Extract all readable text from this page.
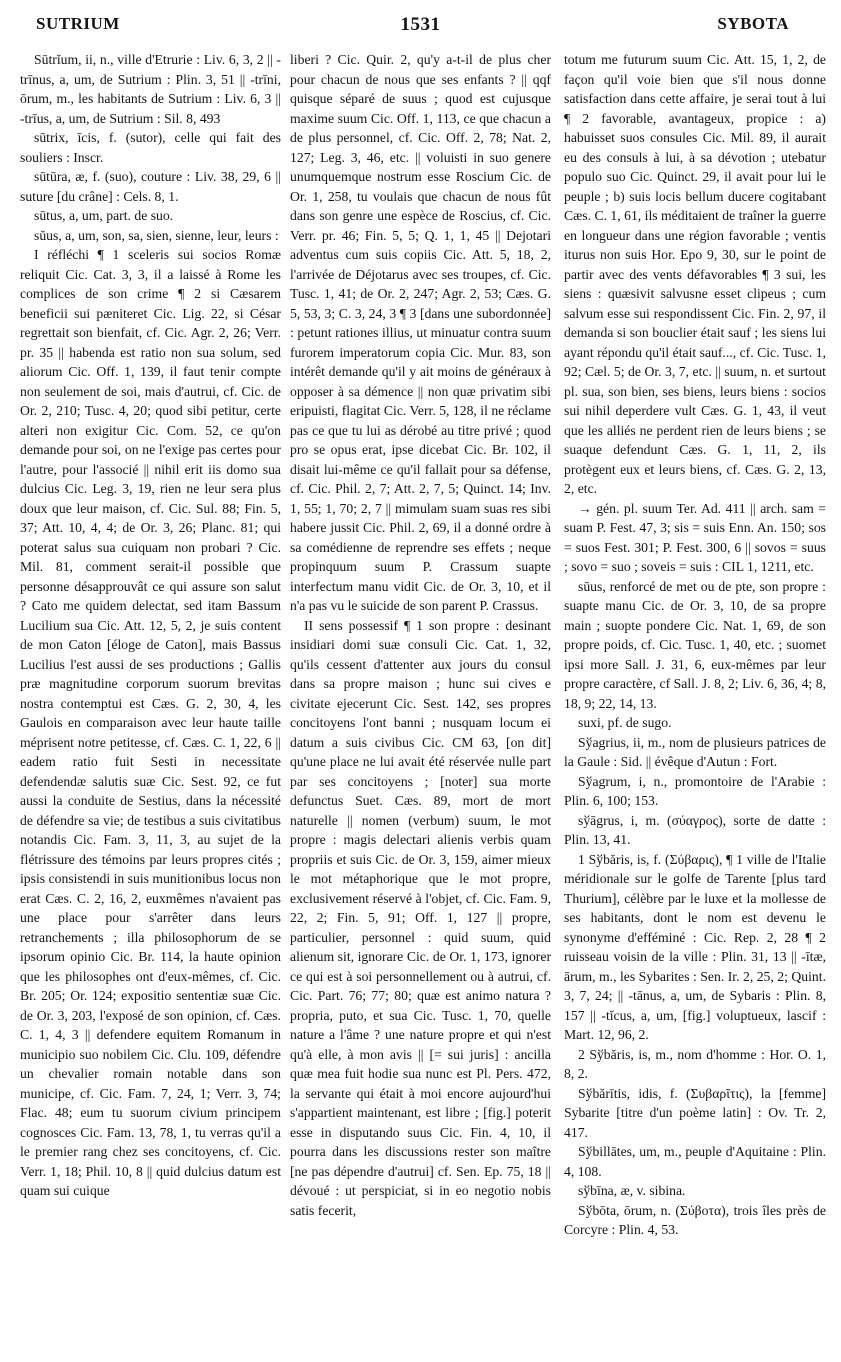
SUTRIUM	1531	SYBOTA

Sūtrĭum, ii, n., ville d'Etrurie : Liv. 6, 3, 2 || -trīnus, a, um, de Sutrium : Plin. 3, 51 || -trīni, ōrum, m., les habitants de Sutrium : Liv. 6, 3 || -trīus, a, um, de Sutrium : Sil. 8, 493

sūtrix, īcis, f. (sutor), celle qui fait des souliers : Inscr.

sūtūra, æ, f. (suo), couture : Liv. 38, 29, 6 || suture [du crâne] : Cels. 8, 1.

sūtus, a, um, part. de suo.

sŭus, a, um, son, sa, sien, sienne, leur, leurs :

I réfléchi ¶ 1 sceleris sui socios Romæ reliquit Cic. Cat. 3, 3, il a laissé à Rome les complices de son crime ¶ 2 si Cæsarem beneficii sui pæniteret Cic. Lig. 22, si César regrettait son bienfait, cf. Cic. Agr. 2, 26; Verr. pr. 35 || habenda est ratio non sua solum, sed aliorum Cic. Off. 1, 139, il faut tenir compte non seulement de soi, mais d'autrui, cf. Cic. de Or. 2, 210; Tusc. 4, 20; quod sibi petitur, certe alteri non exigitur Cic. Com. 52, ce qu'on demande pour soi, on ne l'exige pas certes pour l'autre, pour l'associé || nihil erit iis domo sua dulcius Cic. Leg. 3, 19, rien ne leur sera plus doux que leur maison, cf. Cic. Sul. 88; Fin. 5, 37; Att. 10, 4, 4; de Or. 3, 26; Planc. 81; qui poterat salus sua cuiquam non probari ? Cic. Mil. 81, comment serait-il possible que personne désapprouvât ce qui assure son salut ? Cato me quidem delectat, sed itam Bassum Lucilium sua Cic. Att. 12, 5, 2, je suis content de mon Caton [éloge de Caton], mais Bassus Lucilius l'est aussi de ses productions ; Gallis præ magnitudine corporum suorum brevitas nostra contemptui est Cæs. G. 2, 30, 4, les Gaulois en comparaison avec leur haute taille méprisent notre petitesse, cf. Cæs. C. 1, 22, 6 || eadem ratio fuit Sesti in necessitate defendendæ salutis suæ Cic. Sest. 92, ce fut aussi la conduite de Sestius, dans la nécessité de défendre sa vie; de testibus a suis civitatibus notandis Cic. Fam. 3, 11, 3, au sujet de la flétrissure des témoins par leurs propres cités ; ipsis consistendi in suis munitionibus locus non erat Cæs. C. 2, 16, 2, euxmêmes n'avaient pas une place pour s'arrêter dans leurs retranchements ; illa philosophorum de se ipsorum opinio Cic. Br. 114, la haute opinion que les philosophes ont d'eux-mêmes, cf. Cic. Br. 205; Or. 124; expositio sententiæ suæ Cic. de Or. 3, 203, l'exposé de son opinion, cf. Cæs. C. 1, 4, 3 || defendere equitem Romanum in municipio suo nobilem Cic. Clu. 109, défendre un chevalier romain notable dans son municipe, cf. Cic. Fam. 7, 24, 1; Verr. 3, 74; Flac. 48; eum tu suorum civium principem cognosces Cic. Fam. 13, 78, 1, tu verras qu'il a le premier rang chez ses concitoyens, cf. Cic. Verr. 1, 18; Phil. 10, 8 || quid dulcius datum est quam sui cuique

liberi ? Cic. Quir. 2, qu'y a-t-il de plus cher pour chacun de nous que ses enfants ? || qqf quisque séparé de suus ; quod est cujusque maxime suum Cic. Off. 1, 113, ce que chacun a de plus personnel, cf. Cic. Off. 2, 78; Nat. 2, 127; Leg. 3, 46, etc. || voluisti in suo genere unumquemque nostrum esse Roscium Cic. de Or. 1, 258, tu voulais que chacun de nous fût dans son genre une espèce de Roscius, cf. Cic. Verr. pr. 46; Fin. 5, 5; Q. 1, 1, 45 || Dejotari adventus cum suis copiis Cic. Att. 5, 18, 2, l'arrivée de Déjotarus avec ses troupes, cf. Cic. Tusc. 1, 41; de Or. 2, 247; Agr. 2, 53; Cæs. G. 5, 53, 3; C. 3, 24, 3 ¶ 3 [dans une subordonnée] : petunt rationes illius, ut minuatur contra suum furorem imperatorum copia Cic. Mur. 83, son intérêt demande qu'il y ait moins de généraux à opposer à sa démence || non quæ privatim sibi eripuisti, flagitat Cic. Verr. 5, 128, il ne réclame pas ce que tu lui as dérobé au titre privé ; quod pro se opus erat, ipse dicebat Cic. Br. 102, il disait lui-même ce qu'il fallait pour sa défense, cf. Cic. Phil. 2, 7; Att. 2, 7, 5; Quinct. 14; Inv. 1, 55; 1, 70; 2, 7 || mimulam suam suas res sibi habere jussit Cic. Phil. 2, 69, il a donné ordre à sa comédienne de reprendre ses effets ; neque propinquum suum P. Crassum suapte interfectum manu vidit Cic. de Or. 3, 10, et il n'a pas vu le suicide de son parent P. Crassus.

II sens possessif ¶ 1 son propre : desinant insidiari domi suæ consuli Cic. Cat. 1, 32, qu'ils cessent d'attenter aux jours du consul dans sa propre maison ; hunc sui cives e civitate ejecerunt Cic. Sest. 142, ses propres concitoyens l'ont banni ; nusquam locum ei datum a suis civibus Cic. CM 63, [on dit] qu'une place ne lui avait été réservée nulle part par ses concitoyens ; [noter] sua morte defunctus Suet. Cæs. 89, mort de mort naturelle || nomen (verbum) suum, le mot propre : magis delectari alienis verbis quam propriis et suis Cic. de Or. 3, 159, aimer mieux le mot métaphorique que le mot propre, exclusivement réservé à l'objet, cf. Cic. Fam. 9, 22, 2; Fin. 5, 91; Off. 1, 127 || propre, particulier, personnel : quid suum, quid alienum sit, ignorare Cic. de Or. 1, 173, ignorer ce qui est à soi personnellement ou à autrui, cf. Cic. Part. 76; 77; 80; quæ est animo natura ? propria, puto, et sua Cic. Tusc. 1, 70, quelle nature a l'âme ? une nature propre et qui n'est qu'à elle, à mon avis || [= sui juris] : ancilla quæ mea fuit hodie sua nunc est Pl. Pers. 472, la servante qui était à moi encore aujourd'hui s'appartient maintenant, est libre ; [fig.] poterit esse in disputando suus Cic. Fin. 4, 10, il pourra dans les discussions rester son maître [ne pas dépendre d'autrui] cf. Sen. Ep. 75, 18 || dévoué : ut perspiciat, si in eo negotio nobis satis fecerit,

totum me futurum suum Cic. Att. 15, 1, 2, de façon qu'il voie bien que s'il nous donne satisfaction dans cette affaire, je serai tout à lui ¶ 2 favorable, avantageux, propice : a) habuisset suos consules Cic. Mil. 89, il aurait eu des consuls à lui, à sa dévotion ; utebatur populo suo Cic. Quinct. 29, il avait pour lui le peuple ; b) suis locis bellum ducere cogitabant Cæs. C. 1, 61, ils méditaient de traîner la guerre en longueur dans une région favorable ; ventis iturus non suis Hor. Epo 9, 30, sur le point de partir avec des vents défavorables ¶ 3 sui, les siens : quæsivit salvusne esset clipeus ; cum salvum esse sui respondissent Cic. Fin. 2, 97, il demanda si son bouclier était sauf ; les siens lui ayant répondu qu'il était sauf..., cf. Cic. Tusc. 1, 92; Cæl. 5; de Or. 3, 7, etc. || suum, n. et surtout pl. sua, son bien, ses biens, leurs biens : socios sui nihil deperdere vult Cæs. G. 1, 43, il veut que les alliés ne perdent rien de leurs biens ; se suaque defendunt Cæs. G. 1, 11, 2, ils protègent eux et leurs biens, cf. Cæs. G. 2, 13, 2, etc.

→ gén. pl. suum Ter. Ad. 411 || arch. sam = suam P. Fest. 47, 3; sis = suis Enn. An. 150; sos = suos Fest. 301; P. Fest. 300, 6 || sovos = suus ; sovo = suo ; soveis = suis : CIL 1, 1211, etc.

sūus, renforcé de met ou de pte, son propre : suapte manu Cic. de Or. 3, 10, de sa propre main ; suopte pondere Cic. Nat. 1, 69, de son propre poids, cf. Cic. Tusc. 1, 40, etc. ; suomet ipsi more Sall. J. 31, 6, eux-mêmes par leur propre caractère, cf Sall. J. 8, 2; Liv. 6, 36, 4; 8, 18, 9; 22, 14, 13.

suxi, pf. de sugo.

Sўagrius, ii, m., nom de plusieurs patrices de la Gaule : Sid. || évêque d'Autun : Fort.

Sўagrum, i, n., promontoire de l'Arabie : Plin. 6, 100; 153.

sўāgrus, i, m. (σύαγρος), sorte de datte : Plin. 13, 41.

1 Sўbăris, is, f. (Σύβαρις), ¶ 1 ville de l'Italie méridionale sur le golfe de Tarente [plus tard Thurium], célèbre par le luxe et la mollesse de ses habitants, dont le nom est devenu le synonyme d'efféminé : Cic. Rep. 2, 28 ¶ 2 ruisseau voisin de la ville : Plin. 31, 13 || -ītæ, ārum, m., les Sybarites : Sen. Ir. 2, 25, 2; Quint. 3, 7, 24; || -tānus, a, um, de Sybaris : Plin. 8, 157 || -tĭcus, a, um, [fig.] voluptueux, lascif : Mart. 12, 96, 2.

2 Sўbăris, is, m., nom d'homme : Hor. O. 1, 8, 2.

Sўbărītis, idis, f. (Συβαρῖτις), la [femme] Sybarite [titre d'un poème latin] : Ov. Tr. 2, 417.

Sўbillātes, um, m., peuple d'Aquitaine : Plin. 4, 108.

sўbīna, æ, v. sibina.

Sўbōta, ōrum, n. (Σύβοτα), trois îles près de Corcyre : Plin. 4, 53.
